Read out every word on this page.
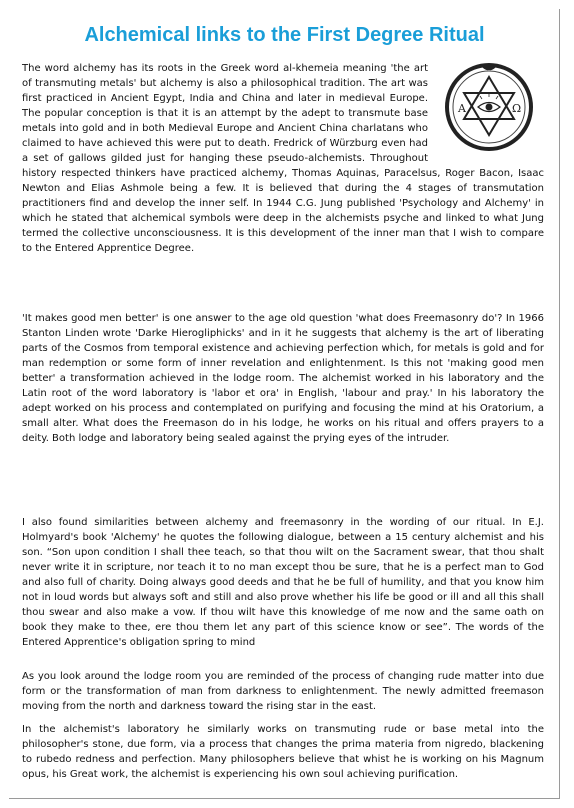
Alchemical links to the First Degree Ritual
A	Ω
The word alchemy has its roots in the Greek word al-khemeia meaning 'the art of transmuting metals' but alchemy is also a philosophical tradition. The art was first practiced in Ancient Egypt, India and China and later in medieval Europe. The popular conception is that it is an attempt by the adept to transmute base metals into gold and in both Medieval Europe and Ancient China charlatans who claimed to have achieved this were put to death. Fredrick of Würzburg even had a set of gallows gilded just for hanging these pseudo-alchemists. Throughout history respected thinkers have practiced alchemy, Thomas Aquinas, Paracelsus, Roger Bacon, Isaac Newton and Elias Ashmole being a few. It is believed that during the 4 stages of transmutation practitioners find and develop the inner self. In 1944 C.G. Jung published 'Psychology and Alchemy' in which he stated that alchemical symbols were deep in the alchemists psyche and linked to what Jung termed the collective unconsciousness. It is this development of the inner man that I wish to compare to the Entered Apprentice Degree.

'It makes good men better' is one answer to the age old question 'what does Freemasonry do'? In 1966 Stanton Linden wrote 'Darke Hierogliphicks' and in it he suggests that alchemy is the art of liberating parts of the Cosmos from temporal existence and achieving perfection which, for metals is gold and for man redemption or some form of inner revelation and enlightenment. Is this not 'making good men better' a transformation achieved in the lodge room. The alchemist worked in his laboratory and the Latin root of the word laboratory is 'labor et ora' in English, 'labour and pray.' In his laboratory the adept worked on his process and contemplated on purifying and focusing the mind at his Oratorium, a small alter. What does the Freemason do in his lodge, he works on his ritual and offers prayers to a deity. Both lodge and laboratory being sealed against the prying eyes of the intruder.

I also found similarities between alchemy and freemasonry in the wording of our ritual. In E.J. Holmyard's book 'Alchemy' he quotes the following dialogue, between a 15 century alchemist and his son. “Son upon condition I shall thee teach, so that thou wilt on the Sacrament swear, that thou shalt never write it in scripture, nor teach it to no man except thou be sure, that he is a perfect man to God and also full of charity. Doing always good deeds and that he be full of humility, and that you know him not in loud words but always soft and still and also prove whether his life be good or ill and all this shall thou swear and also make a vow. If thou wilt have this knowledge of me now and the same oath on book they make to thee, ere thou them let any part of this science know or see”. The words of the Entered Apprentice's obligation spring to mind

As you look around the lodge room you are reminded of the process of changing rude matter into due form or the transformation of man from darkness to enlightenment. The newly admitted freemason moving from the north and darkness toward the rising star in the east.

In the alchemist's laboratory he similarly works on transmuting rude or base metal into the philosopher's stone, due form, via a process that changes the prima materia from nigredo, blackening to rubedo redness and perfection. Many philosophers believe that whist he is working on his Magnum opus, his Great work, the alchemist is experiencing his own soul achieving purification.
